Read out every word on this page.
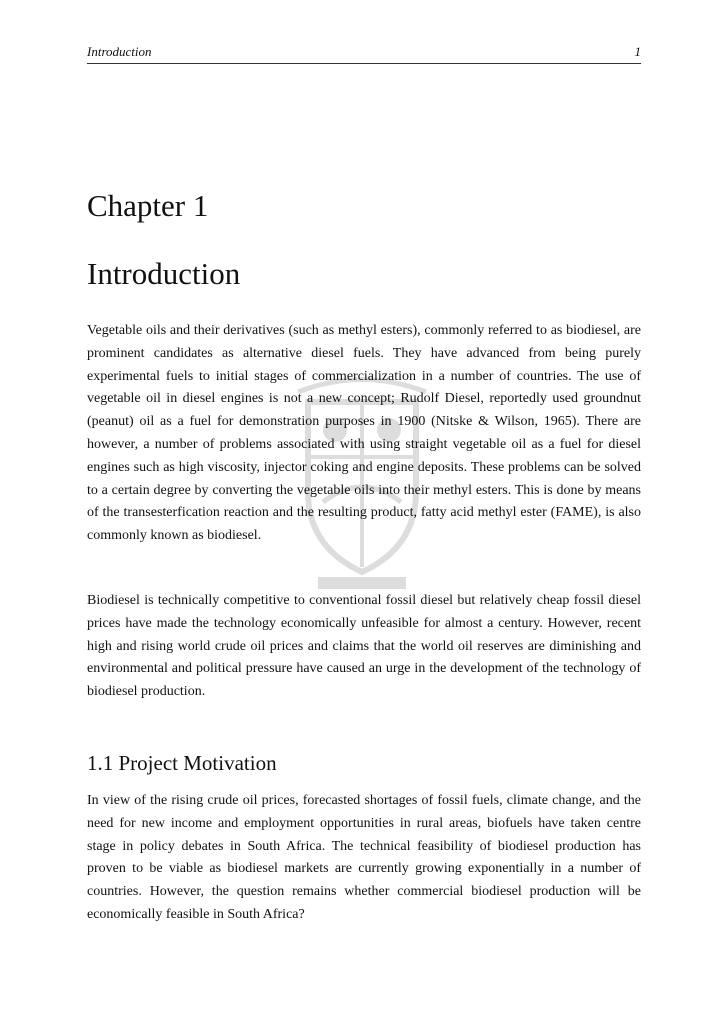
Introduction	1
Chapter 1
Introduction

Vegetable oils and their derivatives (such as methyl esters), commonly referred to as biodiesel, are prominent candidates as alternative diesel fuels. They have advanced from being purely experimental fuels to initial stages of commercialization in a number of countries. The use of vegetable oil in diesel engines is not a new concept; Rudolf Diesel, reportedly used groundnut (peanut) oil as a fuel for demonstration purposes in 1900 (Nitske & Wilson, 1965). There are however, a number of problems associated with using straight vegetable oil as a fuel for diesel engines such as high viscosity, injector coking and engine deposits. These problems can be solved to a certain degree by converting the vegetable oils into their methyl esters. This is done by means of the transesterfication reaction and the resulting product, fatty acid methyl ester (FAME), is also commonly known as biodiesel.

Biodiesel is technically competitive to conventional fossil diesel but relatively cheap fossil diesel prices have made the technology economically unfeasible for almost a century. However, recent high and rising world crude oil prices and claims that the world oil reserves are diminishing and environmental and political pressure have caused an urge in the development of the technology of biodiesel production.

1.1 Project Motivation

In view of the rising crude oil prices, forecasted shortages of fossil fuels, climate change, and the need for new income and employment opportunities in rural areas, biofuels have taken centre stage in policy debates in South Africa. The technical feasibility of biodiesel production has proven to be viable as biodiesel markets are currently growing exponentially in a number of countries. However, the question remains whether commercial biodiesel production will be economically feasible in South Africa?
